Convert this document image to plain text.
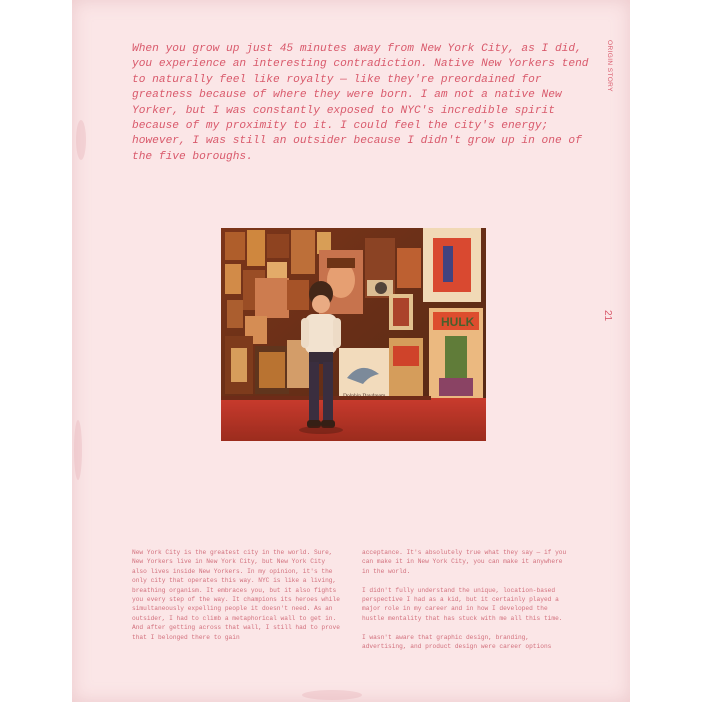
When you grow up just 45 minutes away from New York City, as I did, you experience an interesting contradiction. Native New Yorkers tend to naturally feel like royalty — like they're preordained for greatness because of where they were born. I am not a native New Yorker, but I was constantly exposed to NYC's incredible spirit because of my proximity to it. I could feel the city's energy; however, I was still an outsider because I didn't grow up in one of the five boroughs.

ORIGIN STORY
21

New York City is the greatest city in the world. Sure, New Yorkers live in New York City, but New York City also lives inside New Yorkers. In my opinion, it's the only city that operates this way. NYC is like a living, breathing organism. It embraces you, but it also fights you every step of the way. It champions its heroes while simultaneously expelling people it doesn't need. As an outsider, I had to climb a metaphorical wall to get in. And after getting across that wall, I still had to prove that I belonged there to gain

acceptance. It's absolutely true what they say — if you can make it in New York City, you can make it anywhere in the world.

I didn't fully understand the unique, location-based perspective I had as a kid, but it certainly played a major role in my career and in how I developed the hustle mentality that has stuck with me all this time.

I wasn't aware that graphic design, branding, advertising, and product design were career options
